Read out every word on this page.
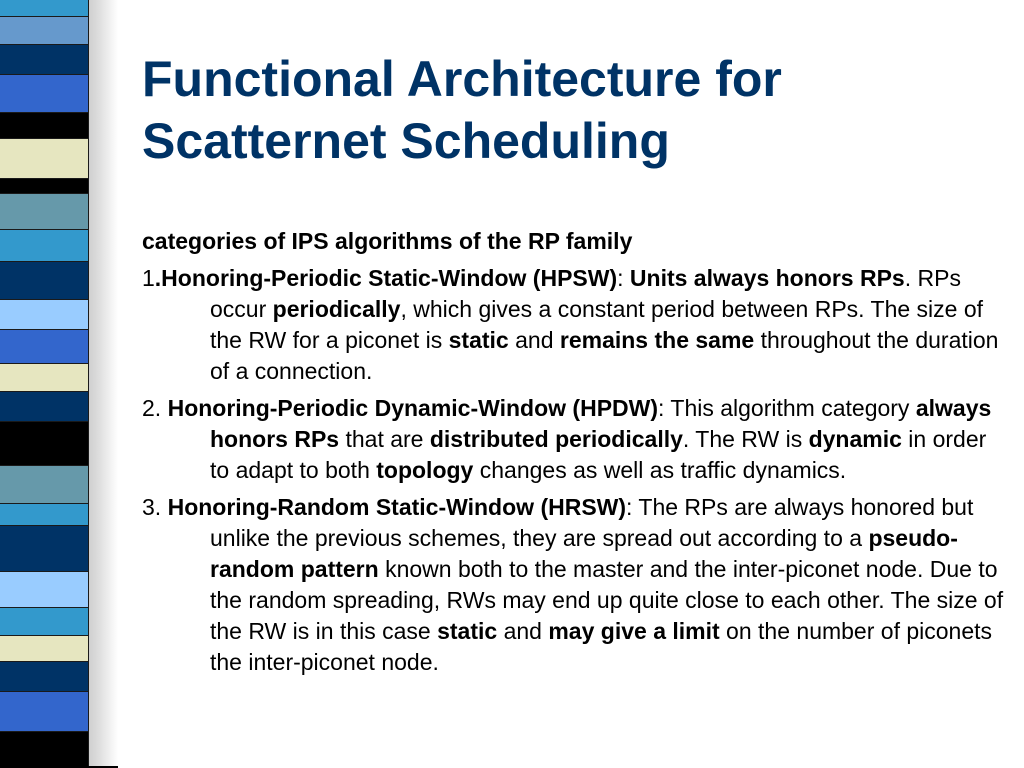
Functional Architecture for
Scatternet Scheduling

categories of IPS algorithms of the RP family

1.Honoring-Periodic Static-Window (HPSW): Units always honors RPs. RPs occur periodically, which gives a constant period between RPs. The size of the RW for a piconet is static and remains the same throughout the duration of a connection.
2. Honoring-Periodic Dynamic-Window (HPDW): This algorithm category always honors RPs that are distributed periodically. The RW is dynamic in order to adapt to both topology changes as well as traffic dynamics.
3. Honoring-Random Static-Window (HRSW): The RPs are always honored but unlike the previous schemes, they are spread out according to a pseudo-random pattern known both to the master and the inter-piconet node. Due to the random spreading, RWs may end up quite close to each other. The size of the RW is in this case static and may give a limit on the number of piconets the inter-piconet node.
